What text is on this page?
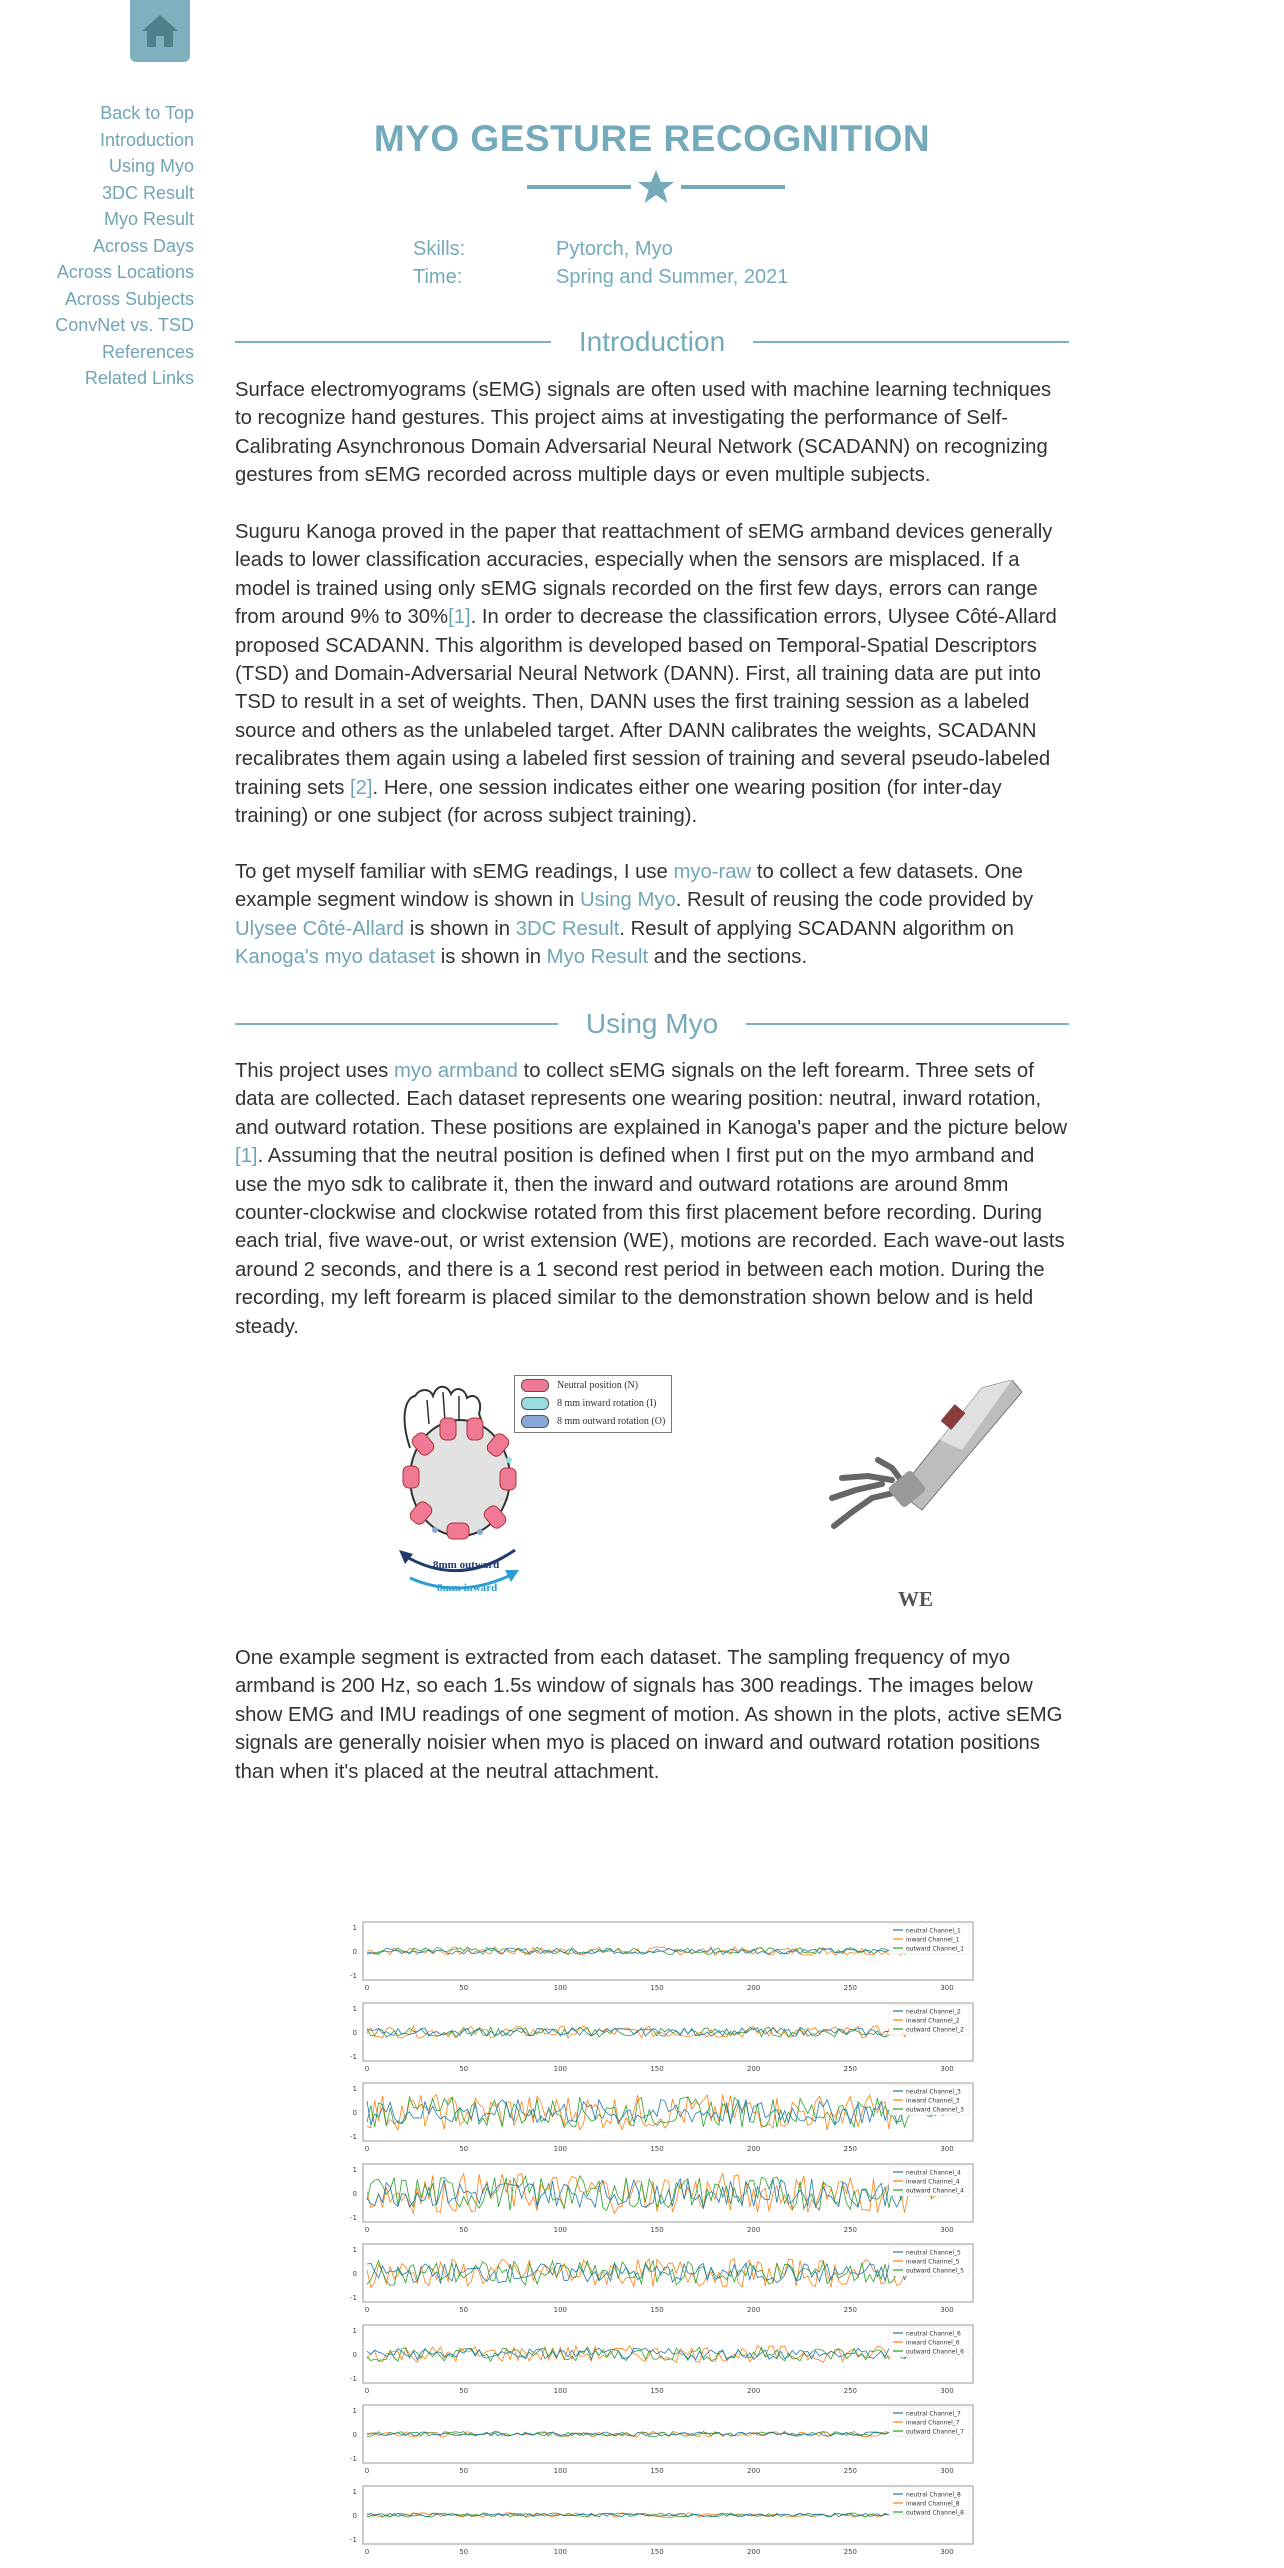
Back to Top
Introduction
Using Myo
3DC Result
Myo Result
Across Days
Across Locations
Across Subjects
ConvNet vs. TSD
References
Related Links
MYO GESTURE RECOGNITION
Skills:	Pytorch, Myo
Time:	Spring and Summer, 2021
Introduction

Surface electromyograms (sEMG) signals are often used with machine learning techniques to recognize hand gestures. This project aims at investigating the performance of Self-Calibrating Asynchronous Domain Adversarial Neural Network (SCADANN) on recognizing gestures from sEMG recorded across multiple days or even multiple subjects.

Suguru Kanoga proved in the paper that reattachment of sEMG armband devices generally leads to lower classification accuracies, especially when the sensors are misplaced. If a model is trained using only sEMG signals recorded on the first few days, errors can range from around 9% to 30%[1]. In order to decrease the classification errors, Ulysee Côté-Allard proposed SCADANN. This algorithm is developed based on Temporal-Spatial Descriptors (TSD) and Domain-Adversarial Neural Network (DANN). First, all training data are put into TSD to result in a set of weights. Then, DANN uses the first training session as a labeled source and others as the unlabeled target. After DANN calibrates the weights, SCADANN recalibrates them again using a labeled first session of training and several pseudo-labeled training sets [2]. Here, one session indicates either one wearing position (for inter-day training) or one subject (for across subject training).

To get myself familiar with sEMG readings, I use myo-raw to collect a few datasets. One example segment window is shown in Using Myo. Result of reusing the code provided by Ulysee Côté-Allard is shown in 3DC Result. Result of applying SCADANN algorithm on Kanoga's myo dataset is shown in Myo Result and the sections.

Using Myo

This project uses myo armband to collect sEMG signals on the left forearm. Three sets of data are collected. Each dataset represents one wearing position: neutral, inward rotation, and outward rotation. These positions are explained in Kanoga's paper and the picture below [1]. Assuming that the neutral position is defined when I first put on the myo armband and use the myo sdk to calibrate it, then the inward and outward rotations are around 8mm counter-clockwise and clockwise rotated from this first placement before recording. During each trial, five wave-out, or wrist extension (WE), motions are recorded. Each wave-out lasts around 2 seconds, and there is a 1 second rest period in between each motion. During the recording, my left forearm is placed similar to the demonstration shown below and is held steady.

One example segment is extracted from each dataset. The sampling frequency of myo armband is 200 Hz, so each 1.5s window of signals has 300 readings. The images below show EMG and IMU readings of one segment of motion. As shown in the plots, active sEMG signals are generally noisier when myo is placed on inward and outward rotation positions than when it's placed at the neutral attachment.

8mm outward
8mm inward
Neutral position (N)
8 mm inward rotation (I)
8 mm outward rotation (O)
WE
1
0
-1
0	50	100	150	200	250	300
neutral Channel_1
inward Channel_1
outward Channel_1
1
0
-1
0	50	100	150	200	250	300
neutral Channel_2
inward Channel_2
outward Channel_2
1
0
-1
0	50	100	150	200	250	300
neutral Channel_3
inward Channel_3
outward Channel_3
1
0
-1
0	50	100	150	200	250	300
neutral Channel_4
inward Channel_4
outward Channel_4
1
0
-1
0	50	100	150	200	250	300
neutral Channel_5
inward Channel_5
outward Channel_5
1
0
-1
0	50	100	150	200	250	300
neutral Channel_6
inward Channel_6
outward Channel_6
1
0
-1
0	50	100	150	200	250	300
neutral Channel_7
inward Channel_7
outward Channel_7
1
0
-1
0	50	100	150	200	250	300
neutral Channel_8
inward Channel_8
outward Channel_8
